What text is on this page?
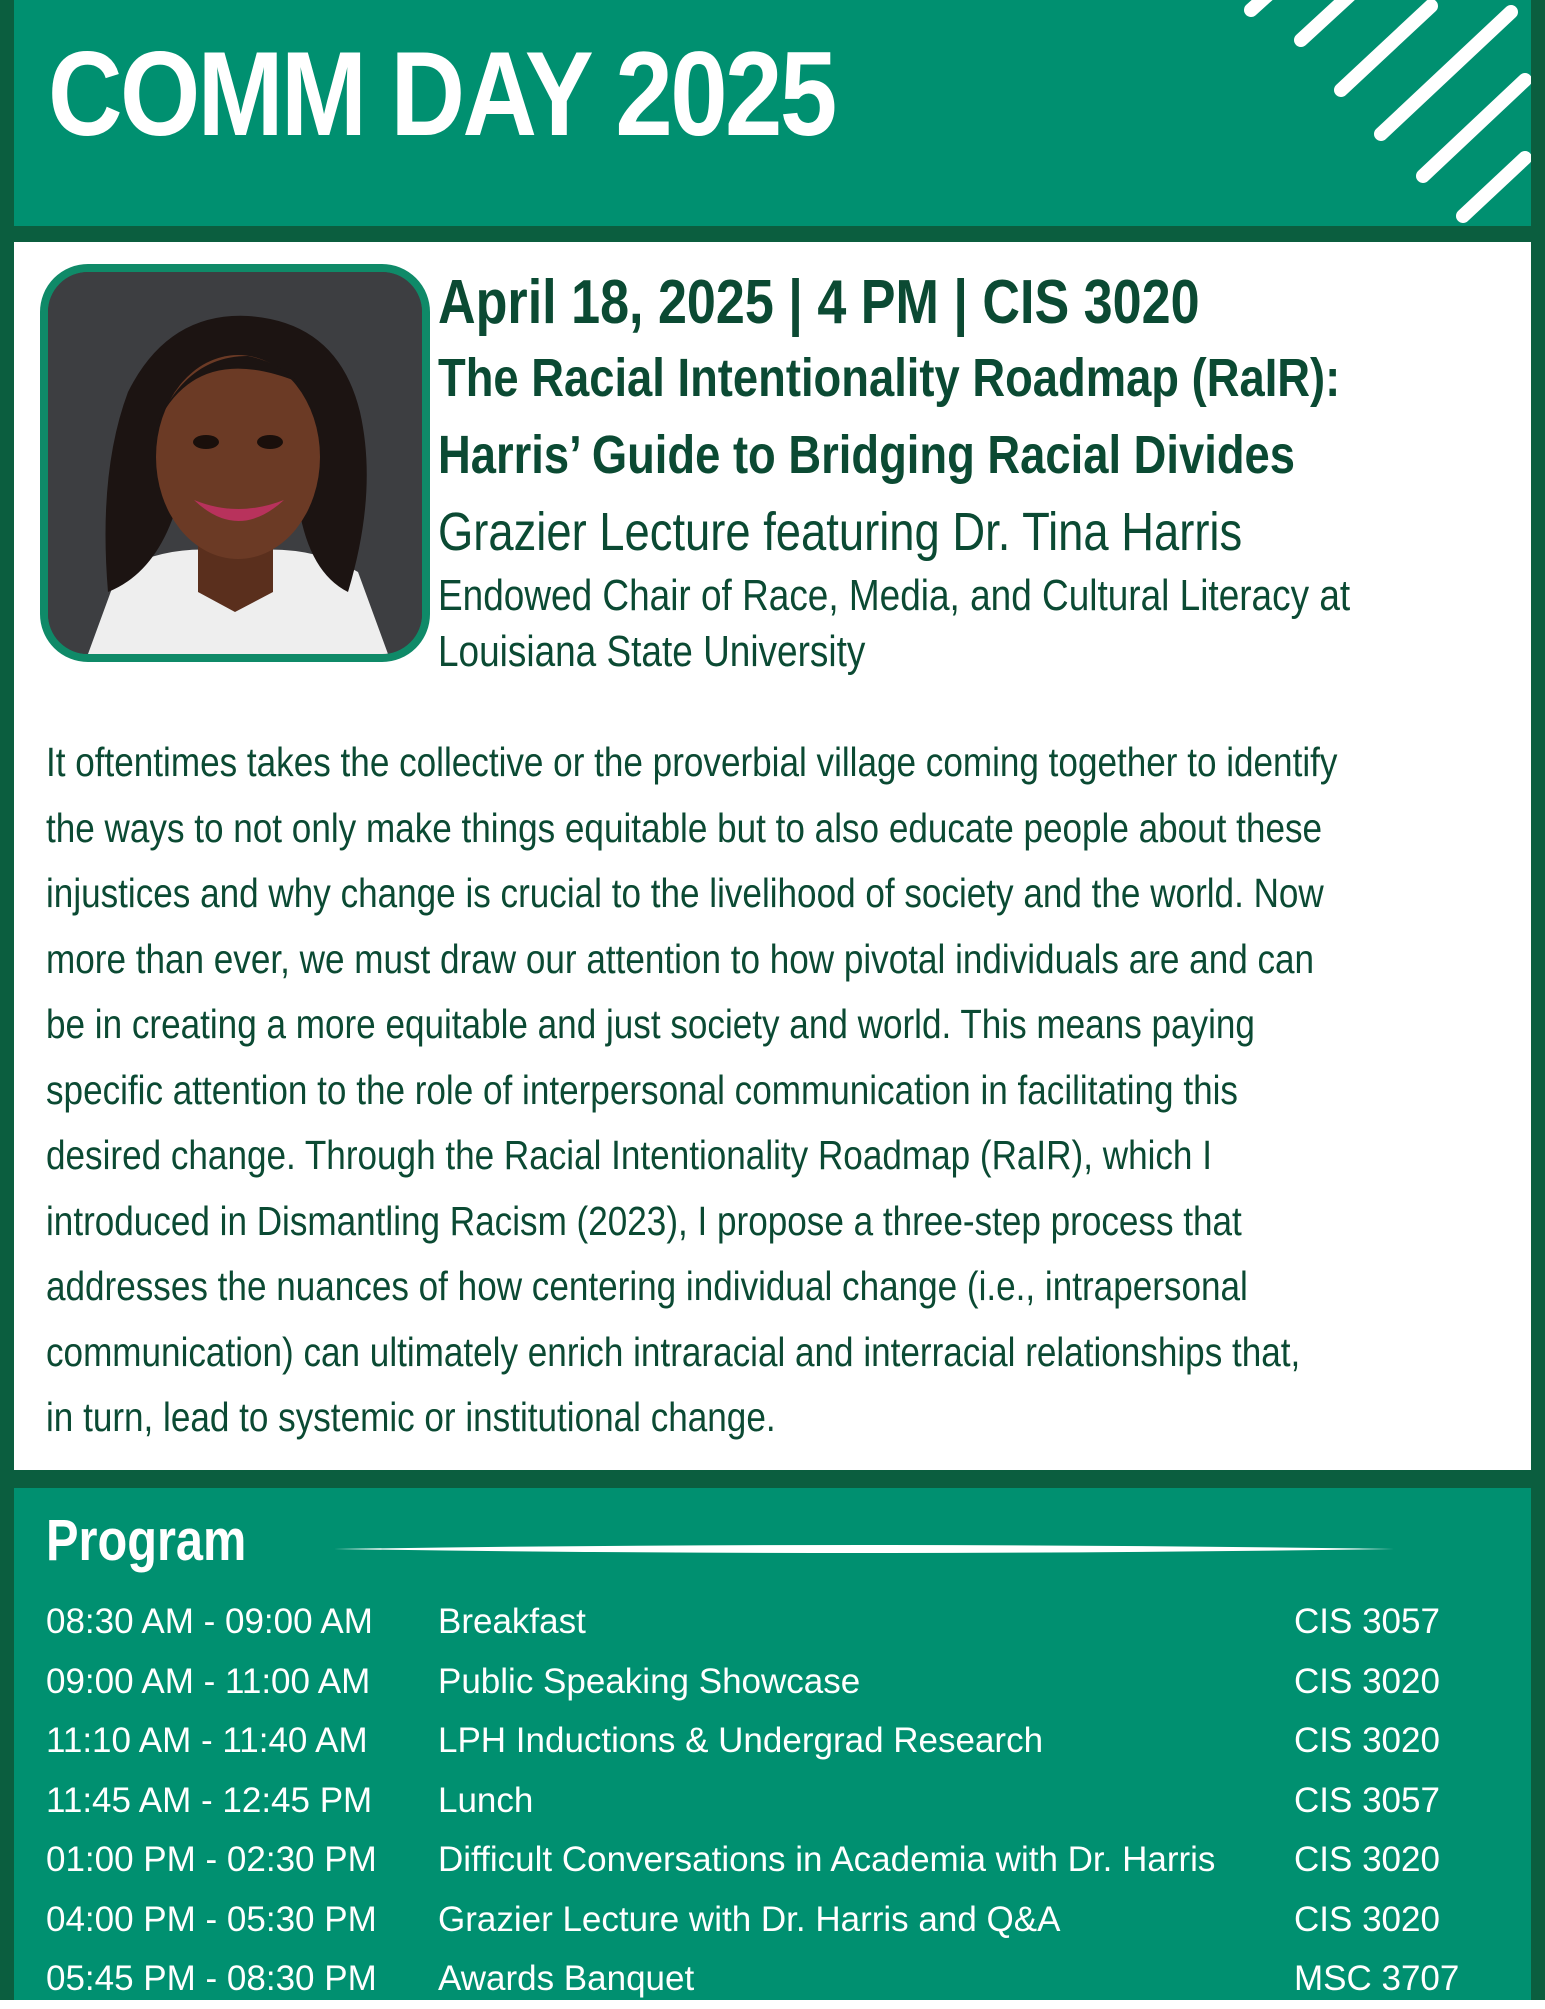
COMM DAY 2025
April 18, 2025 | 4 PM | CIS 3020
The Racial Intentionality Roadmap (RaIR):
Harris’ Guide to Bridging Racial Divides
Grazier Lecture featuring Dr. Tina Harris
Endowed Chair of Race, Media, and Cultural Literacy at
Louisiana State University
It oftentimes takes the collective or the proverbial village coming together to identify
the ways to not only make things equitable but to also educate people about these
injustices and why change is crucial to the livelihood of society and the world. Now
more than ever, we must draw our attention to how pivotal individuals are and can
be in creating a more equitable and just society and world. This means paying
specific attention to the role of interpersonal communication in facilitating this
desired change. Through the Racial Intentionality Roadmap (RaIR), which I
introduced in Dismantling Racism (2023), I propose a three-step process that
addresses the nuances of how centering individual change (i.e., intrapersonal
communication) can ultimately enrich intraracial and interracial relationships that,
in turn, lead to systemic or institutional change.
Program
08:30 AM - 09:00 AM Breakfast	CIS 3057
09:00 AM - 11:00 AM Public Speaking Showcase	CIS 3020
11:10 AM - 11:40 AM LPH Inductions & Undergrad Research	CIS 3020
11:45 AM - 12:45 PM Lunch	CIS 3057
01:00 PM - 02:30 PM Difficult Conversations in Academia with Dr. Harris CIS 3020
04:00 PM - 05:30 PM Grazier Lecture with Dr. Harris and Q&A	CIS 3020
05:45 PM - 08:30 PM Awards Banquet	MSC 3707
